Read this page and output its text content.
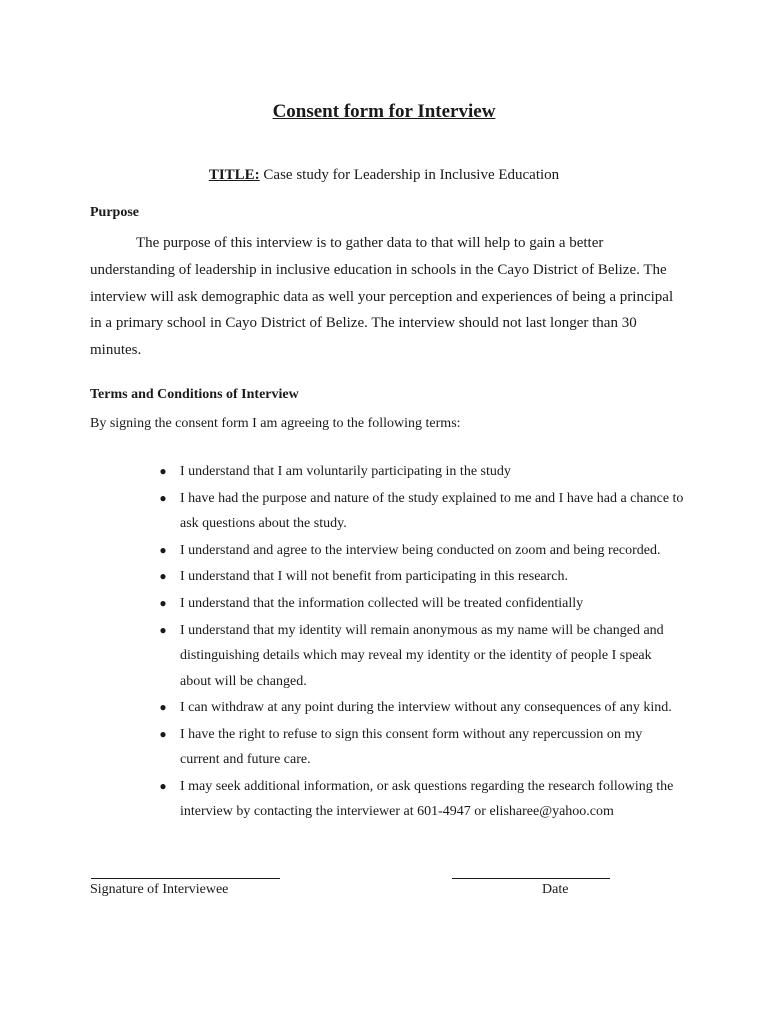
Consent form for Interview
TITLE: Case study for Leadership in Inclusive Education
Purpose
The purpose of this interview is to gather data to that will help to gain a better
understanding of leadership in inclusive education in schools in the Cayo District of Belize. The
interview will ask demographic data as well your perception and experiences of being a principal
in a primary school in Cayo District of Belize. The interview should not last longer than 30
minutes.
Terms and Conditions of Interview
By signing the consent form I am agreeing to the following terms:
● I understand that I am voluntarily participating in the study
● I have had the purpose and nature of the study explained to me and I have had a chance to
ask questions about the study.
● I understand and agree to the interview being conducted on zoom and being recorded.
● I understand that I will not benefit from participating in this research.
● I understand that the information collected will be treated confidentially
● I understand that my identity will remain anonymous as my name will be changed and
distinguishing details which may reveal my identity or the identity of people I speak
about will be changed.
● I can withdraw at any point during the interview without any consequences of any kind.
● I have the right to refuse to sign this consent form without any repercussion on my
current and future care.
● I may seek additional information, or ask questions regarding the research following the
interview by contacting the interviewer at 601-4947 or elisharee@yahoo.com
Signature of Interviewee	Date
